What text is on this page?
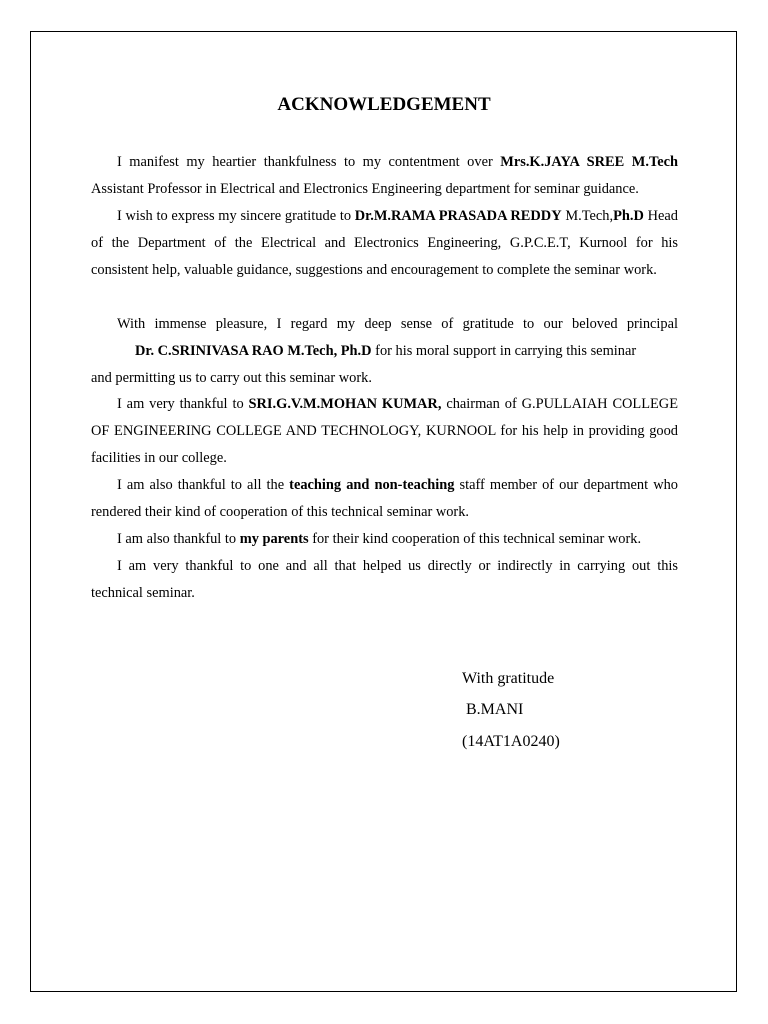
ACKNOWLEDGEMENT

I manifest my heartier thankfulness to my contentment over Mrs.K.JAYA SREE M.Tech Assistant Professor in Electrical and Electronics Engineering department for seminar guidance.

I wish to express my sincere gratitude to Dr.M.RAMA PRASADA REDDY M.Tech,Ph.D Head of the Department of the Electrical and Electronics Engineering, G.P.C.E.T, Kurnool for his consistent help, valuable guidance, suggestions and encouragement to complete the seminar work.

With immense pleasure, I regard my deep sense of gratitude to our beloved principal
Dr. C.SRINIVASA RAO M.Tech, Ph.D for his moral support in carrying this seminar
and permitting us to carry out this seminar work.

I am very thankful to SRI.G.V.M.MOHAN KUMAR, chairman of G.PULLAIAH COLLEGE OF ENGINEERING COLLEGE AND TECHNOLOGY, KURNOOL for his help in providing good facilities in our college.

I am also thankful to all the teaching and non-teaching staff member of our department who rendered their kind of cooperation of this technical seminar work.

I am also thankful to my parents for their kind cooperation of this technical seminar work.

I am very thankful to one and all that helped us directly or indirectly in carrying out this technical seminar.

With gratitude
B.MANI
(14AT1A0240)
